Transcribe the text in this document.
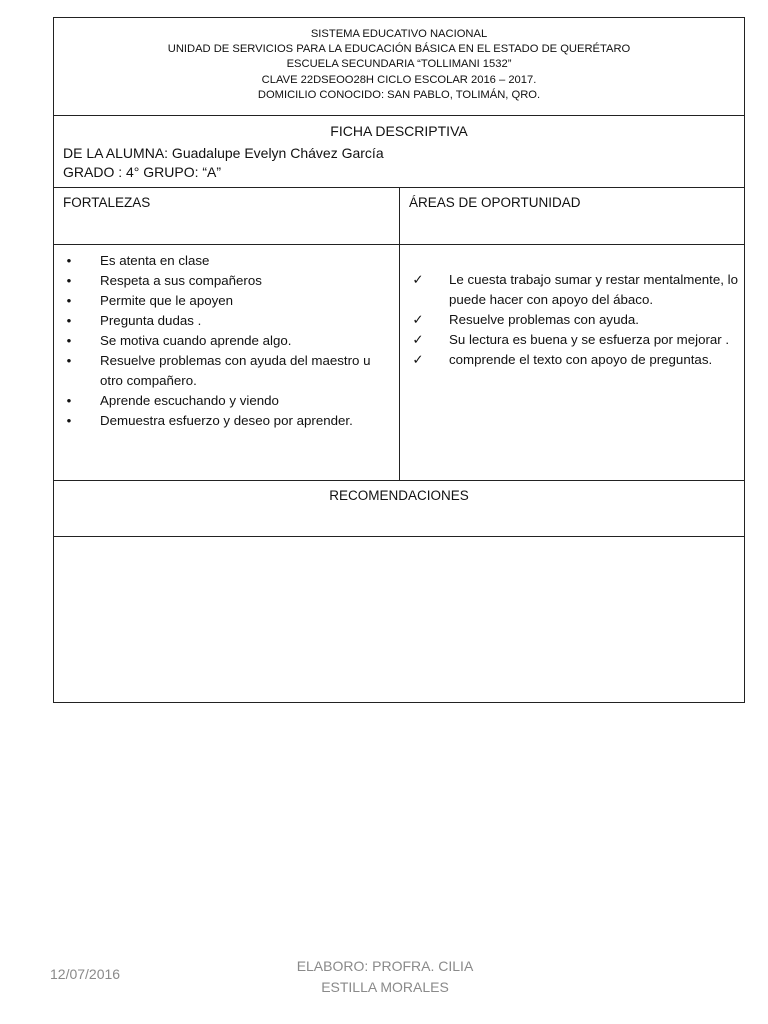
SISTEMA EDUCATIVO NACIONAL
UNIDAD DE SERVICIOS PARA LA EDUCACIÓN BÁSICA EN EL ESTADO DE QUERÉTARO
ESCUELA SECUNDARIA “TOLLIMANI 1532”
CLAVE 22DSEOO28H CICLO ESCOLAR 2016 – 2017.
DOMICILIO CONOCIDO: SAN PABLO, TOLIMÁN, QRO.
FICHA DESCRIPTIVA
DE LA ALUMNA: Guadalupe Evelyn Chávez García
GRADO : 4° GRUPO: “A”
FORTALEZAS	ÁREAS DE OPORTUNIDAD
•	Es atenta en clase
•	Respeta a sus compañeros
•	Permite que le apoyen
•	Pregunta dudas .
•	Se motiva cuando aprende algo.
•	Resuelve problemas con ayuda del maestro u otro compañero.
•	Aprende escuchando y viendo
•	Demuestra esfuerzo y deseo por aprender.
✓ Le cuesta trabajo sumar y restar mentalmente, lo puede hacer con apoyo del ábaco.
✓ Resuelve problemas con ayuda.
✓ Su lectura es buena y se esfuerza por mejorar .
✓ comprende el texto con apoyo de preguntas.
RECOMENDACIONES
12/07/2016	ELABORO: PROFRA. CILIA
ESTILLA MORALES
